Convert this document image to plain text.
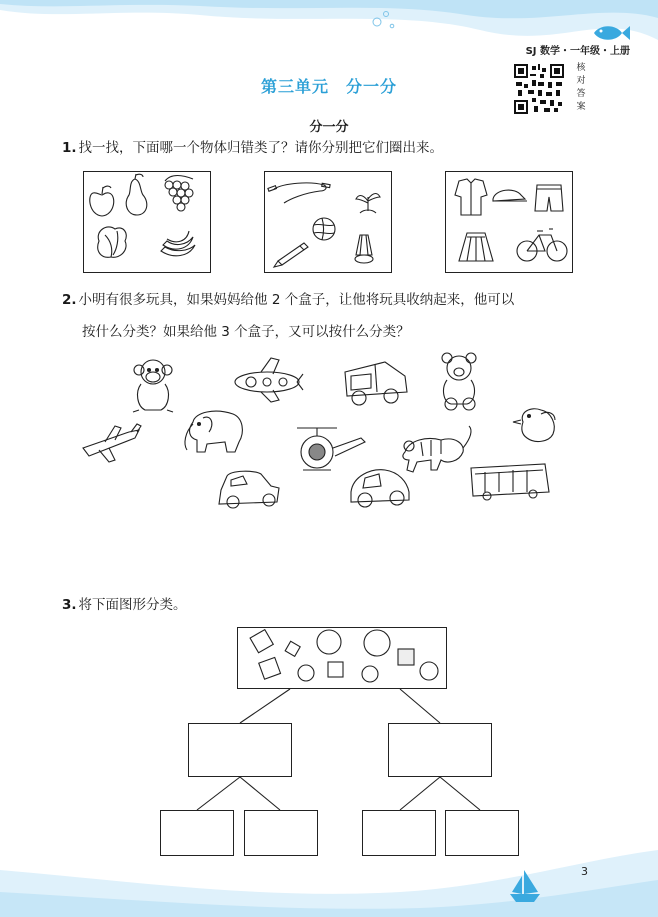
SJ 数学・一年级・上册
第三单元　分一分
核对答案
分一分
1. 找一找，下面哪一个物体归错类了？请你分别把它们圈出来。
2. 小明有很多玩具，如果妈妈给他 2 个盒子，让他将玩具收纳起来，他可以
按什么分类？如果给他 3 个盒子，又可以按什么分类？
3. 将下面图形分类。
3
